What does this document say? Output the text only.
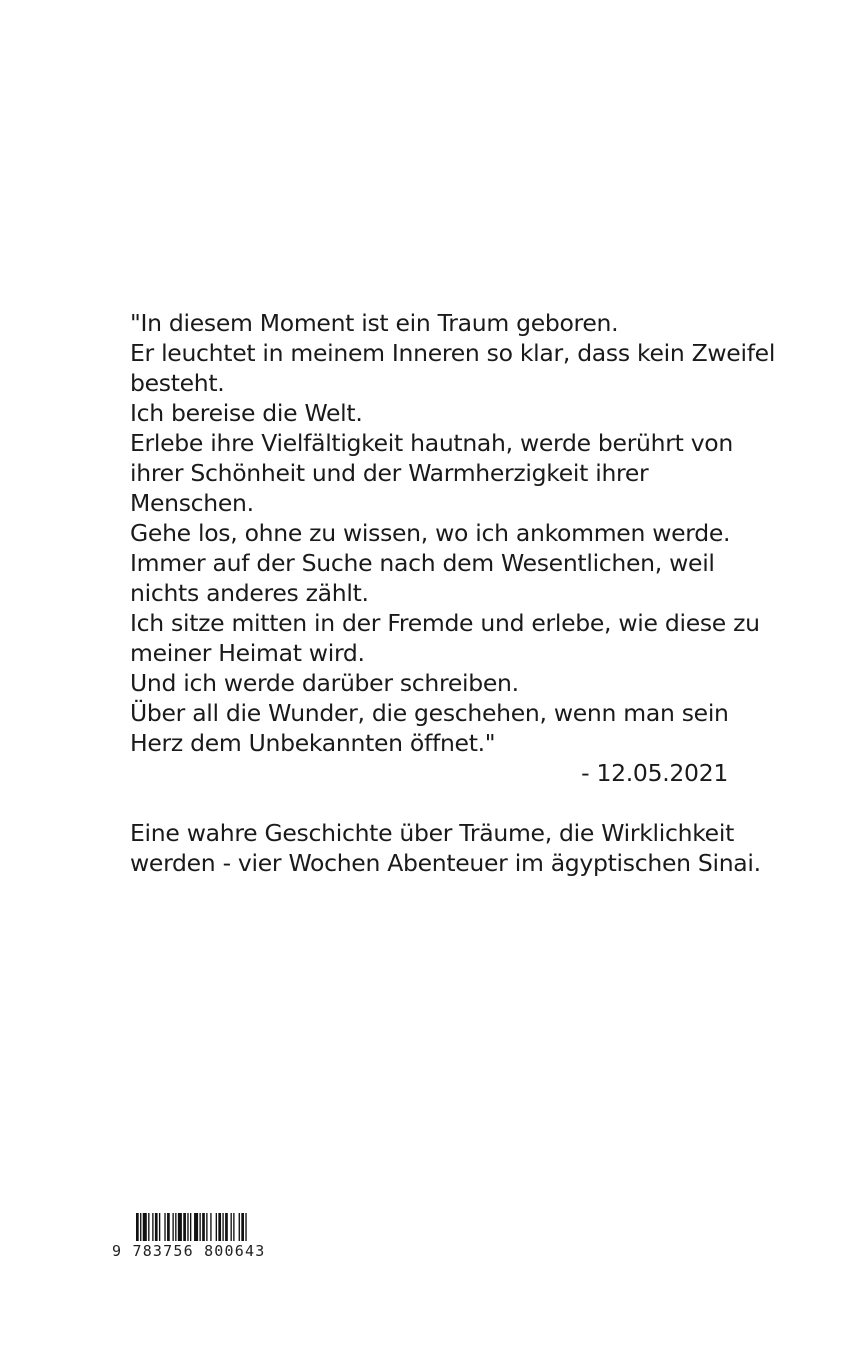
"In diesem Moment ist ein Traum geboren.
Er leuchtet in meinem Inneren so klar, dass kein Zweifel
besteht.
Ich bereise die Welt.
Erlebe ihre Vielfältigkeit hautnah, werde berührt von
ihrer Schönheit und der Warmherzigkeit ihrer
Menschen.
Gehe los, ohne zu wissen, wo ich ankommen werde.
Immer auf der Suche nach dem Wesentlichen, weil
nichts anderes zählt.
Ich sitze mitten in der Fremde und erlebe, wie diese zu
meiner Heimat wird.
Und ich werde darüber schreiben.
Über all die Wunder, die geschehen, wenn man sein
Herz dem Unbekannten öffnet."
- 12.05.2021
Eine wahre Geschichte über Träume, die Wirklichkeit
werden - vier Wochen Abenteuer im ägyptischen Sinai.
9 783756 800643
